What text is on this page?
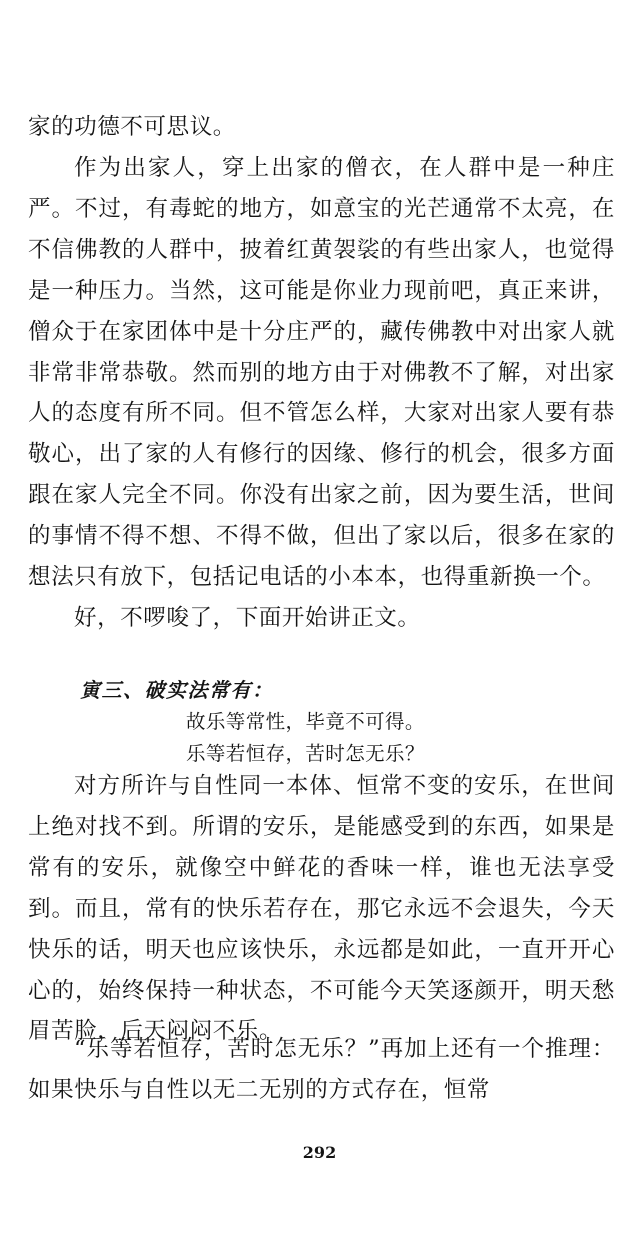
家的功德不可思议。

作为出家人，穿上出家的僧衣，在人群中是一种庄严。不过，有毒蛇的地方，如意宝的光芒通常不太亮，在不信佛教的人群中，披着红黄袈裟的有些出家人，也觉得是一种压力。当然，这可能是你业力现前吧，真正来讲，僧众于在家团体中是十分庄严的，藏传佛教中对出家人就非常非常恭敬。然而别的地方由于对佛教不了解，对出家人的态度有所不同。但不管怎么样，大家对出家人要有恭敬心，出了家的人有修行的因缘、修行的机会，很多方面跟在家人完全不同。你没有出家之前，因为要生活，世间的事情不得不想、不得不做，但出了家以后，很多在家的想法只有放下，包括记电话的小本本，也得重新换一个。

好，不啰唆了，下面开始讲正文。

寅三、破实法常有：

故乐等常性，毕竟不可得。

乐等若恒存，苦时怎无乐？

对方所许与自性同一本体、恒常不变的安乐，在世间上绝对找不到。所谓的安乐，是能感受到的东西，如果是常有的安乐，就像空中鲜花的香味一样，谁也无法享受到。而且，常有的快乐若存在，那它永远不会退失，今天快乐的话，明天也应该快乐，永远都是如此，一直开开心心的，始终保持一种状态，不可能今天笑逐颜开，明天愁眉苦脸，后天闷闷不乐。

“乐等若恒存，苦时怎无乐？”再加上还有一个推理：如果快乐与自性以无二无别的方式存在，恒常

292
